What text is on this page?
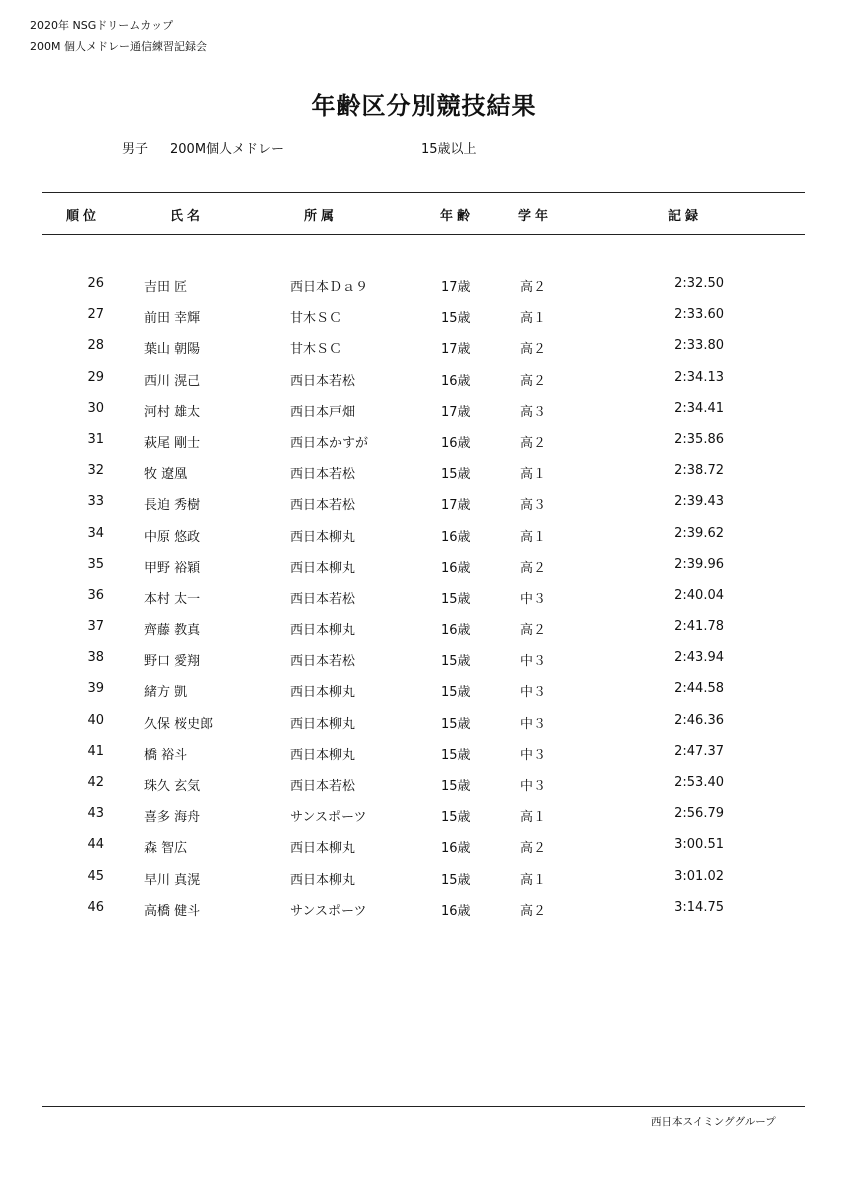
2020年 NSGドリームカップ
200M 個人メドレー通信練習記録会
年齢区分別競技結果
男子 200M個人メドレー	15歳以上
順位	氏名	所属	年齢	学年	記録
26	吉田 匠	西日本Ｄａ９	17歳	高２	2:32.50
27	前田 幸輝	甘木ＳＣ	15歳	高１	2:33.60
28	葉山 朝陽	甘木ＳＣ	17歳	高２	2:33.80
29	西川 滉己	西日本若松	16歳	高２	2:34.13
30	河村 雄太	西日本戸畑	17歳	高３	2:34.41
31	萩尾 剛士	西日本かすが	16歳	高２	2:35.86
32	牧 遼凰	西日本若松	15歳	高１	2:38.72
33	長迫 秀樹	西日本若松	17歳	高３	2:39.43
34	中原 悠政	西日本柳丸	16歳	高１	2:39.62
35	甲野 裕穎	西日本柳丸	16歳	高２	2:39.96
36	本村 太一	西日本若松	15歳	中３	2:40.04
37	齊藤 教真	西日本柳丸	16歳	高２	2:41.78
38	野口 愛翔	西日本若松	15歳	中３	2:43.94
39	緒方 凱	西日本柳丸	15歳	中３	2:44.58
40	久保 桜史郎	西日本柳丸	15歳	中３	2:46.36
41	橋 裕斗	西日本柳丸	15歳	中３	2:47.37
42	珠久 玄気	西日本若松	15歳	中３	2:53.40
43	喜多 海舟	サンスポーツ	15歳	高１	2:56.79
44	森 智広	西日本柳丸	16歳	高２	3:00.51
45	早川 真滉	西日本柳丸	15歳	高１	3:01.02
46	高橋 健斗	サンスポーツ	16歳	高２	3:14.75
西日本スイミンググループ
